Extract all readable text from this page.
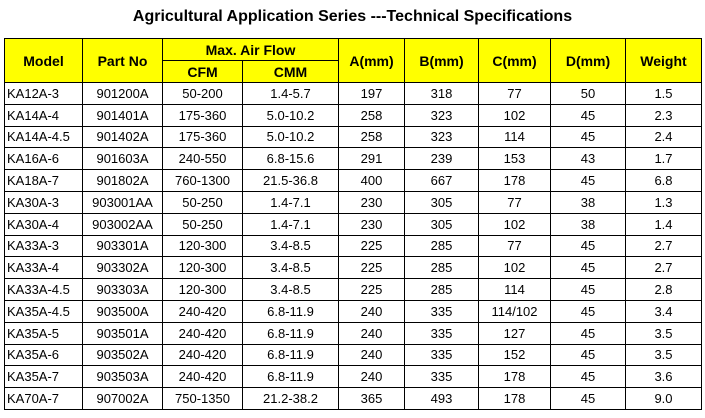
Agricultural Application Series ---Technical Specifications
Model	Part No	Max. Air Flow		A(mm)	B(mm)	C(mm)	D(mm)	Weight
		CFM	CMM					
KA12A-3	901200A	50-200	1.4-5.7	197	318	77	50	1.5
KA14A-4	901401A	175-360	5.0-10.2	258	323	102	45	2.3
KA14A-4.5	901402A	175-360	5.0-10.2	258	323	114	45	2.4
KA16A-6	901603A	240-550	6.8-15.6	291	239	153	43	1.7
KA18A-7	901802A	760-1300	21.5-36.8	400	667	178	45	6.8
KA30A-3	903001AA	50-250	1.4-7.1	230	305	77	38	1.3
KA30A-4	903002AA	50-250	1.4-7.1	230	305	102	38	1.4
KA33A-3	903301A	120-300	3.4-8.5	225	285	77	45	2.7
KA33A-4	903302A	120-300	3.4-8.5	225	285	102	45	2.7
KA33A-4.5	903303A	120-300	3.4-8.5	225	285	114	45	2.8
KA35A-4.5	903500A	240-420	6.8-11.9	240	335	114/102	45	3.4
KA35A-5	903501A	240-420	6.8-11.9	240	335	127	45	3.5
KA35A-6	903502A	240-420	6.8-11.9	240	335	152	45	3.5
KA35A-7	903503A	240-420	6.8-11.9	240	335	178	45	3.6
KA70A-7	907002A	750-1350	21.2-38.2	365	493	178	45	9.0
